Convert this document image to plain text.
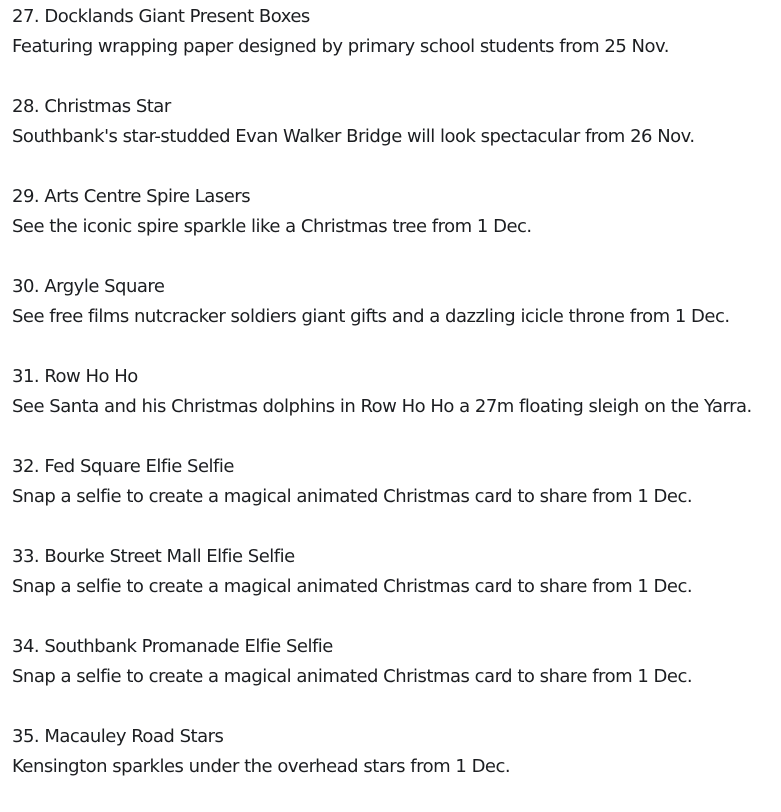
27. Docklands Giant Present Boxes
Featuring wrapping paper designed by primary school students from 25 Nov.
28. Christmas Star
Southbank's star-studded Evan Walker Bridge will look spectacular from 26 Nov.
29. Arts Centre Spire Lasers
See the iconic spire sparkle like a Christmas tree from 1 Dec.
30. Argyle Square
See free films nutcracker soldiers giant gifts and a dazzling icicle throne from 1 Dec.
31. Row Ho Ho
See Santa and his Christmas dolphins in Row Ho Ho a 27m floating sleigh on the Yarra.
32. Fed Square Elfie Selfie
Snap a selfie to create a magical animated Christmas card to share from 1 Dec.
33. Bourke Street Mall Elfie Selfie
Snap a selfie to create a magical animated Christmas card to share from 1 Dec.
34. Southbank Promanade Elfie Selfie
Snap a selfie to create a magical animated Christmas card to share from 1 Dec.
35. Macauley Road Stars
Kensington sparkles under the overhead stars from 1 Dec.
